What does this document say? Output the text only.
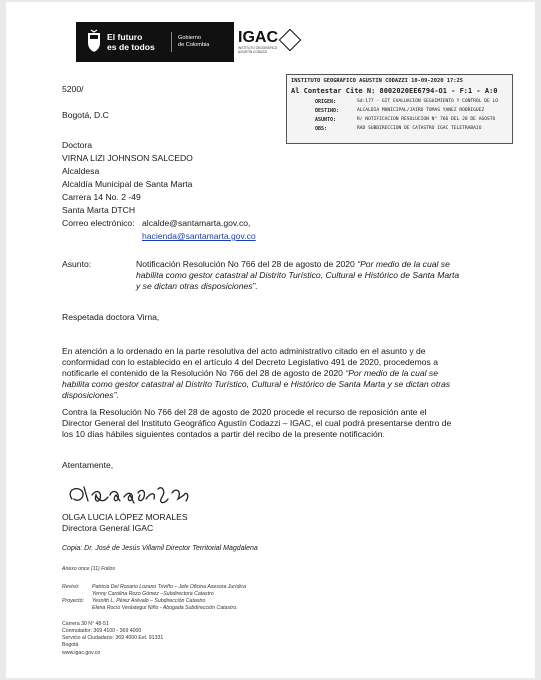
El futuro
es de todos
Gobierno
de Colombia IGAC
INSTITUTO GEOGRÁFICO
AGUSTÍN CODAZZI
INSTITUTO GEOGRAFICO AGUSTIN CODAZZI 10-09-2020 17:25
Al Contestar Cite N: 8002020EE6794-O1 - F:1 - A:0
ORIGEN:	Sd:177 - GIT EVALUACION SEGUIMIENTO Y CONTROL DE LO
DESTINO:	ALCALDIA MUNICIPAL/JAIRO TOMAS YANEZ RODRIGUEZ
ASUNTO:	R/ NOTIFICACION RESOLUCION N° 766 DEL 28 DE AGOSTO
OBS:	RAD SUBDIRECCION DE CATASTRO IGAC TELETRABAJO
5200/
Bogotá, D.C
Doctora
VIRNA LIZI JOHNSON SALCEDO
Alcaldesa
Alcaldía Municipal de Santa Marta
Carrera 14 No. 2 -49
Santa Marta DTCH
Correo electrónico: alcalde@santamarta.gov.co,
hacienda@santamarta.gov.co
Asunto:	Notificación Resolución No 766 del 28 de agosto de 2020 “Por medio de la cual se
habilita como gestor catastral al Distrito Turístico, Cultural e Histórico de Santa Marta
y se dictan otras disposiciones”.
Respetada doctora Virna,
En atención a lo ordenado en la parte resolutiva del acto administrativo citado en el asunto y de
conformidad con lo establecido en el artículo 4 del Decreto Legislativo 491 de 2020, procedemos a
notificarle el contenido de la Resolución No 766 del 28 de agosto de 2020 “Por medio de la cual se
habilita como gestor catastral al Distrito Turístico, Cultural e Histórico de Santa Marta y se dictan otras
disposiciones”.
Contra la Resolución No 766 del 28 de agosto de 2020 procede el recurso de reposición ante el
Director General del Instituto Geográfico Agustín Codazzi – IGAC, el cual podrá presentarse dentro de
los 10 días hábiles siguientes contados a partir del recibo de la presente notificación.
Atentamente,
OLGA LUCIA LÓPEZ MORALES
Directora General IGAC
Copia: Dr. José de Jesús Villamil Director Territorial Magdalena
Anexo once (11) Folios
Revisó: Patricia Del Rosario Lozano Triviño – Jefe Oficina Asesora Jurídica
Yenny Carolina Rozo Gómez –Subdirectora Catastro
Proyectó: Yesnith L. Pérez Arévalo – Subdirección Catastro
Elena Rocío Verástegui Niño - Abogada Subdirección Catastro.
Carrera 30 N° 48-51
Conmutador: 369 4100 - 369 4000
Servicio al Ciudadano: 369 4000 Ext. 91331
Bogotá
www.igac.gov.co
